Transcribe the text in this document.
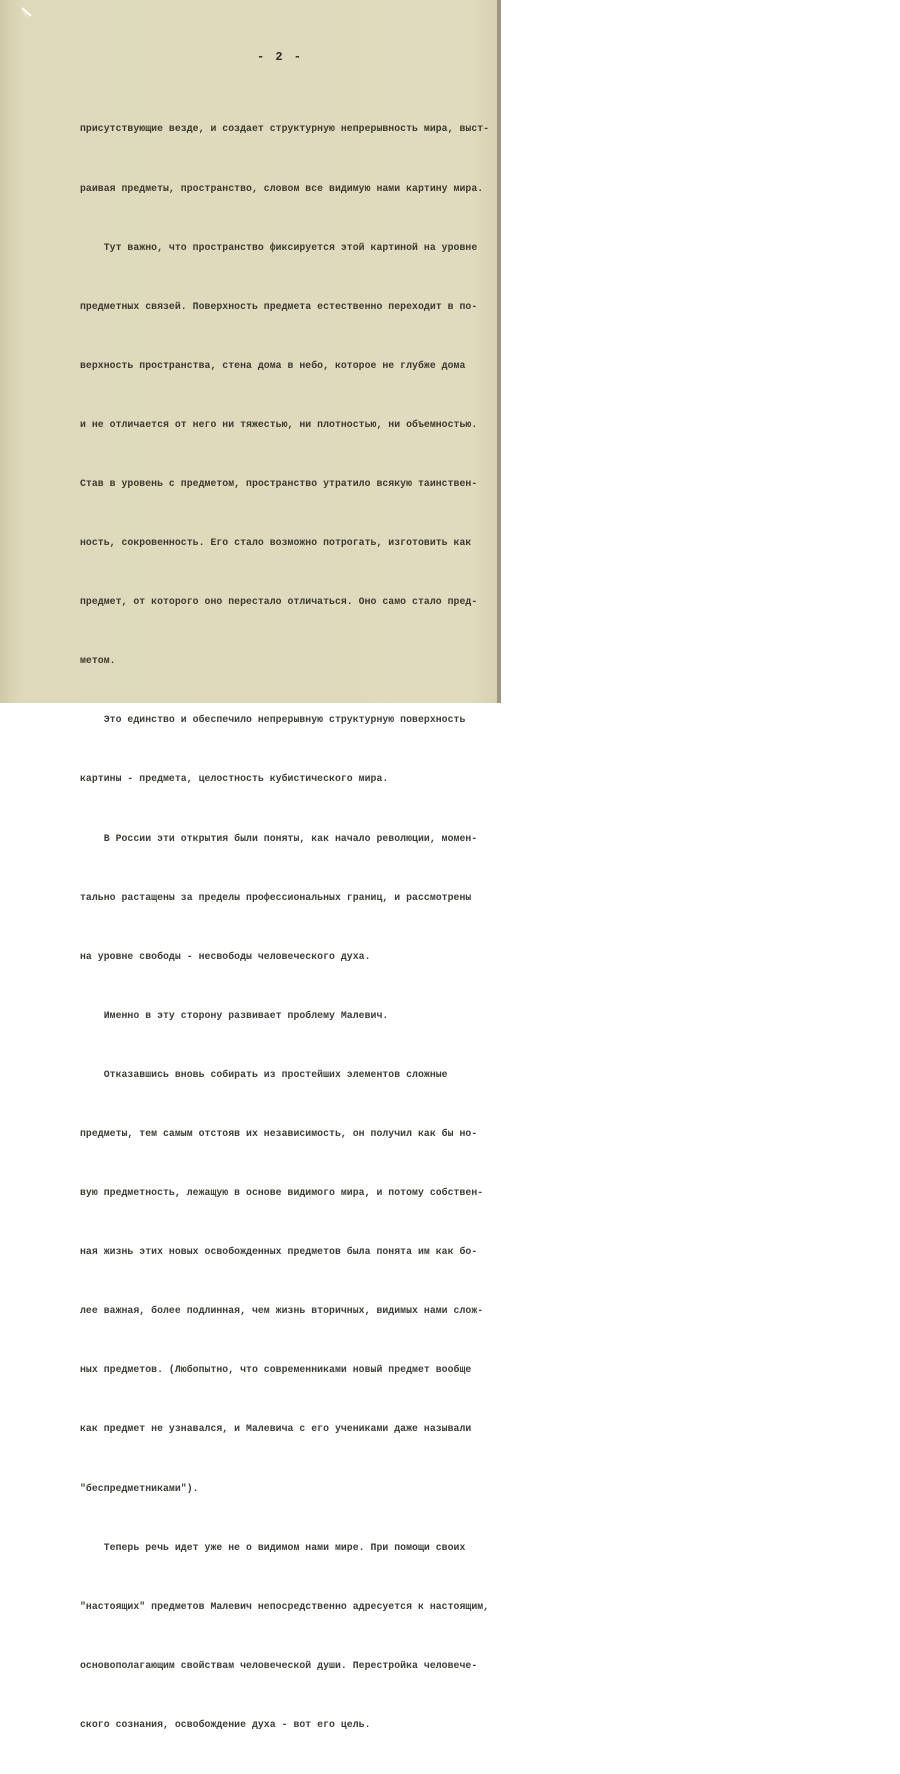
- 2 -

присутствующие везде, и создает структурную непрерывность мира, выст-

раивая предметы, пространство, словом все видимую нами картину мира.

Тут важно, что пространство фиксируется этой картиной на уровне

предметных связей. Поверхность предмета естественно переходит в по-

верхность пространства, стена дома в небо, которое не глубже дома

и не отличается от него ни тяжестью, ни плотностью, ни объемностью.

Став в уровень с предметом, пространство утратило всякую таинствен-

ность, сокровенность. Его стало возможно потрогать, изготовить как

предмет, от которого оно перестало отличаться. Оно само стало пред-

метом.

Это единство и обеспечило непрерывную структурную поверхность

картины - предмета, целостность кубистического мира.

В России эти открытия были поняты, как начало революции, момен-

тально растащены за пределы профессиональных границ, и рассмотрены

на уровне свободы - несвободы человеческого духа.

Именно в эту сторону развивает проблему Малевич.

Отказавшись вновь собирать из простейших элементов сложные

предметы, тем самым отстояв их независимость, он получил как бы но-

вую предметность, лежащую в основе видимого мира, и потому собствен-

ная жизнь этих новых освобожденных предметов была понята им как бо-

лее важная, более подлинная, чем жизнь вторичных, видимых нами слож-

ных предметов. (Любопытно, что современниками новый предмет вообще

как предмет не узнавался, и Малевича с его учениками даже называли

"беспредметниками").

Теперь речь идет уже не о видимом нами мире. При помощи своих

"настоящих" предметов Малевич непосредственно адресуется к настоящим,

основополагающим свойствам человеческой души. Перестройка человече-

ского сознания, освобождение духа - вот его цель.
